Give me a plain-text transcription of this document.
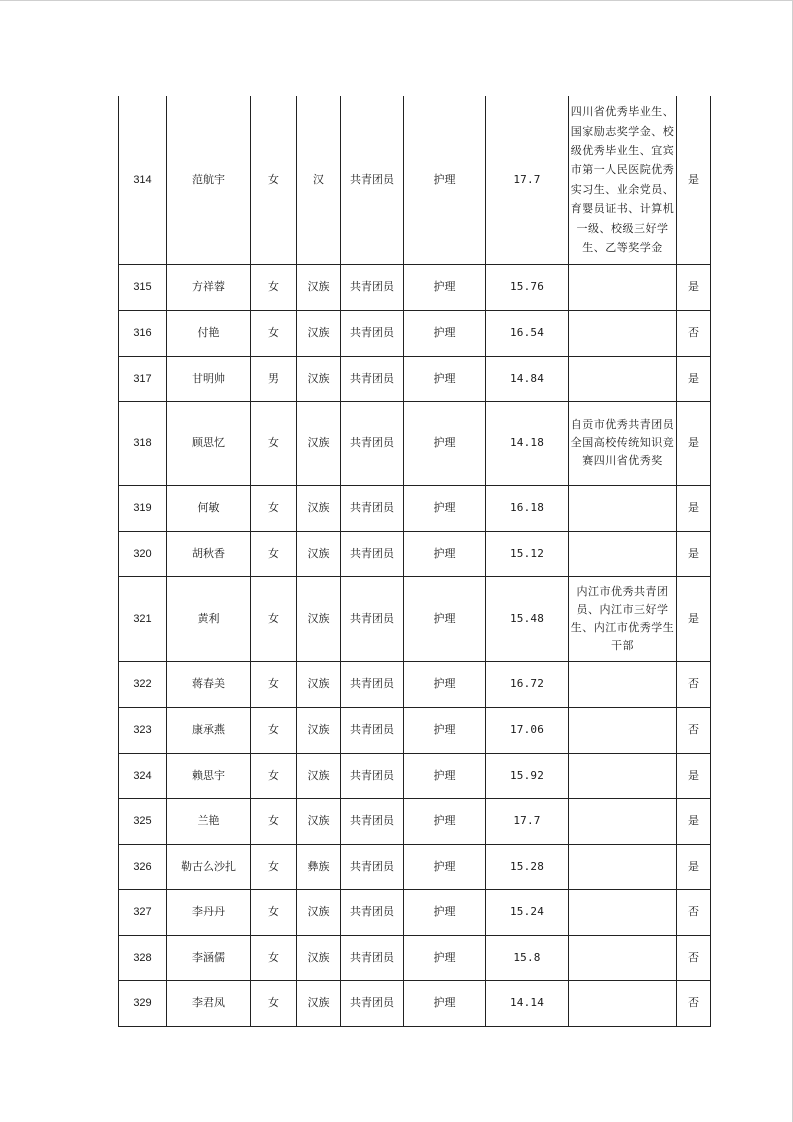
314	范航宇	女	汉	共青团员	护理	17.7	四川省优秀毕业生、国家励志奖学金、校级优秀毕业生、宜宾市第一人民医院优秀实习生、业余党员、育婴员证书、计算机一级、校级三好学生、乙等奖学金	是
315	方祥蓉	女	汉族	共青团员	护理	15.76		是
316	付艳	女	汉族	共青团员	护理	16.54		否
317	甘明帅	男	汉族	共青团员	护理	14.84		是
318	顾思忆	女	汉族	共青团员	护理	14.18	自贡市优秀共青团员全国高校传统知识竞赛四川省优秀奖	是
319	何敏	女	汉族	共青团员	护理	16.18		是
320	胡秋香	女	汉族	共青团员	护理	15.12		是
321	黄利	女	汉族	共青团员	护理	15.48	内江市优秀共青团员、内江市三好学生、内江市优秀学生干部	是
322	蒋春美	女	汉族	共青团员	护理	16.72		否
323	康承燕	女	汉族	共青团员	护理	17.06		否
324	赖思宇	女	汉族	共青团员	护理	15.92		是
325	兰艳	女	汉族	共青团员	护理	17.7		是
326	勒古么沙扎	女	彝族	共青团员	护理	15.28		是
327	李丹丹	女	汉族	共青团员	护理	15.24		否
328	李涵儒	女	汉族	共青团员	护理	15.8		否
329	李君凤	女	汉族	共青团员	护理	14.14		否
